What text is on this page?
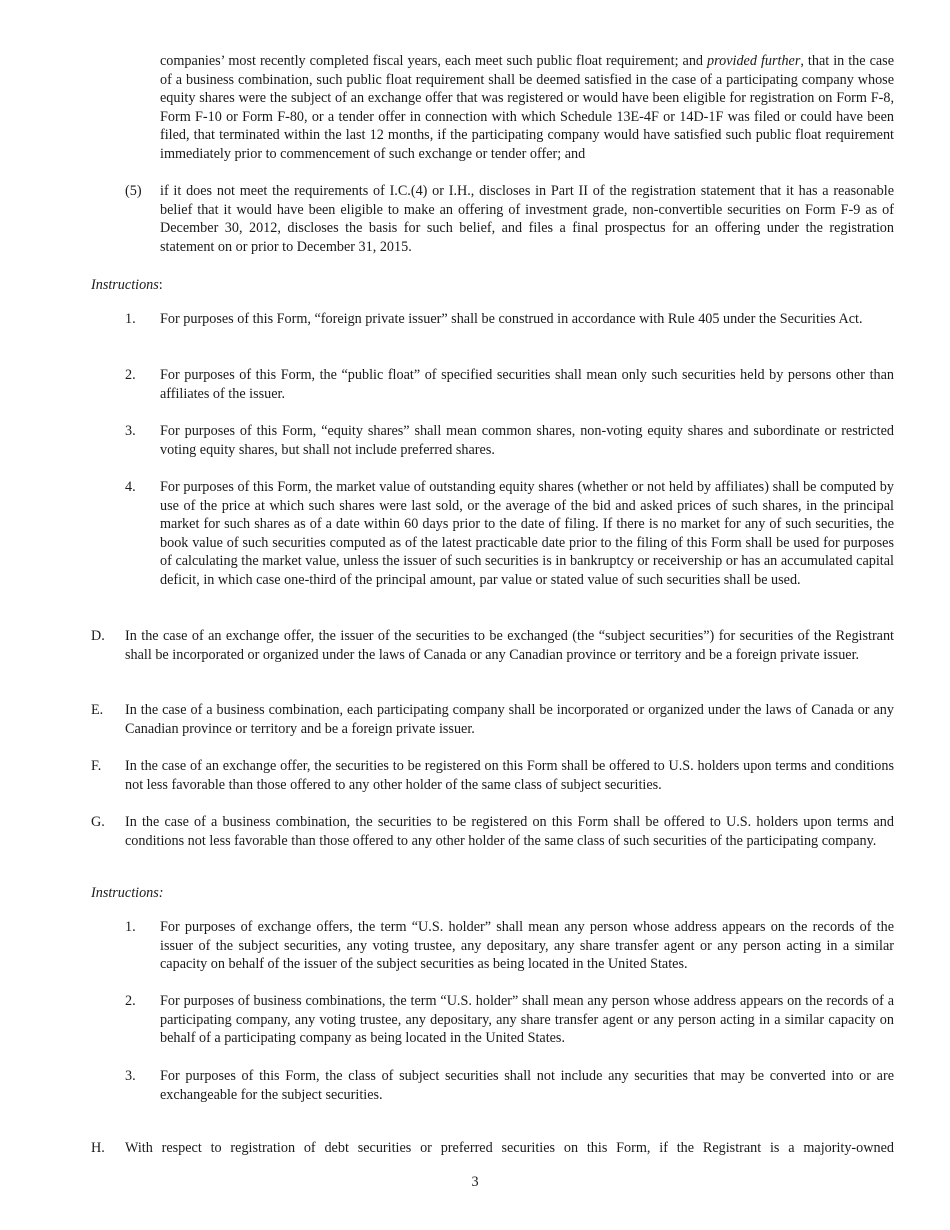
companies’ most recently completed fiscal years, each meet such public float requirement; and provided further, that in the case of a business combination, such public float requirement shall be deemed satisfied in the case of a participating company whose equity shares were the subject of an exchange offer that was registered or would have been eligible for registration on Form F-8, Form F-10 or Form F-80, or a tender offer in connection with which Schedule 13E-4F or 14D-1F was filed or could have been filed, that terminated within the last 12 months, if the participating company would have satisfied such public float requirement immediately prior to commencement of such exchange or tender offer; and
(5) if it does not meet the requirements of I.C.(4) or I.H., discloses in Part II of the registration statement that it has a reasonable belief that it would have been eligible to make an offering of investment grade, non-convertible securities on Form F-9 as of December 30, 2012, discloses the basis for such belief, and files a final prospectus for an offering under the registration statement on or prior to December 31, 2015.
Instructions:
1. For purposes of this Form, “foreign private issuer” shall be construed in accordance with Rule 405 under the Securities Act.
2. For purposes of this Form, the “public float” of specified securities shall mean only such securities held by persons other than affiliates of the issuer.
3. For purposes of this Form, “equity shares” shall mean common shares, non-voting equity shares and subordinate or restricted voting equity shares, but shall not include preferred shares.
4. For purposes of this Form, the market value of outstanding equity shares (whether or not held by affiliates) shall be computed by use of the price at which such shares were last sold, or the average of the bid and asked prices of such shares, in the principal market for such shares as of a date within 60 days prior to the date of filing. If there is no market for any of such securities, the book value of such securities computed as of the latest practicable date prior to the filing of this Form shall be used for purposes of calculating the market value, unless the issuer of such securities is in bankruptcy or receivership or has an accumulated capital deficit, in which case one-third of the principal amount, par value or stated value of such securities shall be used.
D. In the case of an exchange offer, the issuer of the securities to be exchanged (the “subject securities”) for securities of the Registrant shall be incorporated or organized under the laws of Canada or any Canadian province or territory and be a foreign private issuer.
E. In the case of a business combination, each participating company shall be incorporated or organized under the laws of Canada or any Canadian province or territory and be a foreign private issuer.
F. In the case of an exchange offer, the securities to be registered on this Form shall be offered to U.S. holders upon terms and conditions not less favorable than those offered to any other holder of the same class of subject securities.
G. In the case of a business combination, the securities to be registered on this Form shall be offered to U.S. holders upon terms and conditions not less favorable than those offered to any other holder of the same class of such securities of the participating company.
Instructions:
1. For purposes of exchange offers, the term “U.S. holder” shall mean any person whose address appears on the records of the issuer of the subject securities, any voting trustee, any depositary, any share transfer agent or any person acting in a similar capacity on behalf of the issuer of the subject securities as being located in the United States.
2. For purposes of business combinations, the term “U.S. holder” shall mean any person whose address appears on the records of a participating company, any voting trustee, any depositary, any share transfer agent or any person acting in a similar capacity on behalf of a participating company as being located in the United States.
3. For purposes of this Form, the class of subject securities shall not include any securities that may be converted into or are exchangeable for the subject securities.
H. With respect to registration of debt securities or preferred securities on this Form, if the Registrant is a majority-owned
3
